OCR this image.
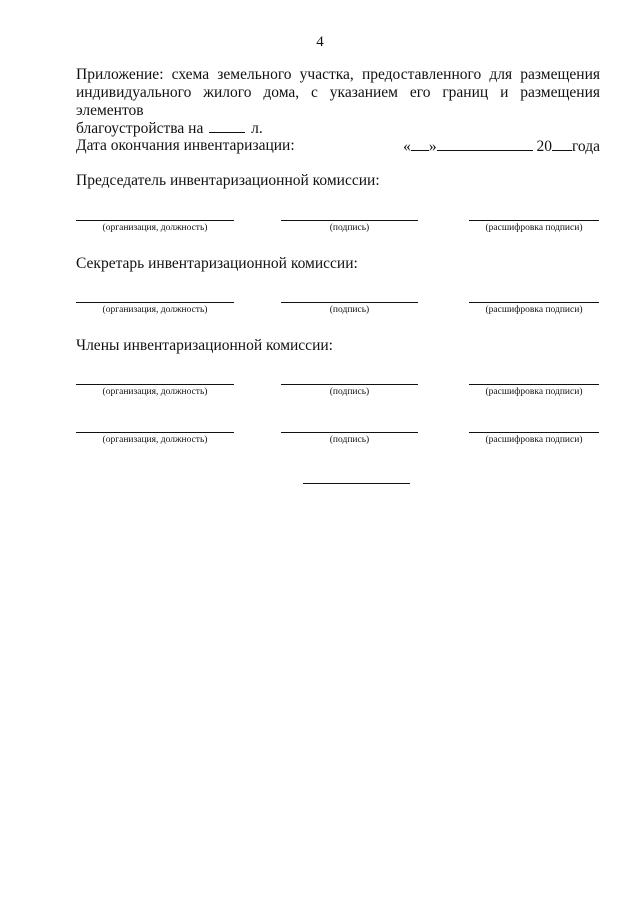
4
Приложение: схема земельного участка, предоставленного для размещения
индивидуального жилого дома, с указанием его границ и размещения элементов
благоустройства на	л.
Дата окончания инвентаризации:	« »	20 года
Председатель инвентаризационной комиссии:
(организация, должность)	(подпись)	(расшифровка подписи)
Секретарь инвентаризационной комиссии:
(организация, должность)	(подпись)	(расшифровка подписи)
Члены инвентаризационной комиссии:
(организация, должность)	(подпись)	(расшифровка подписи)
(организация, должность)	(подпись)	(расшифровка подписи)
